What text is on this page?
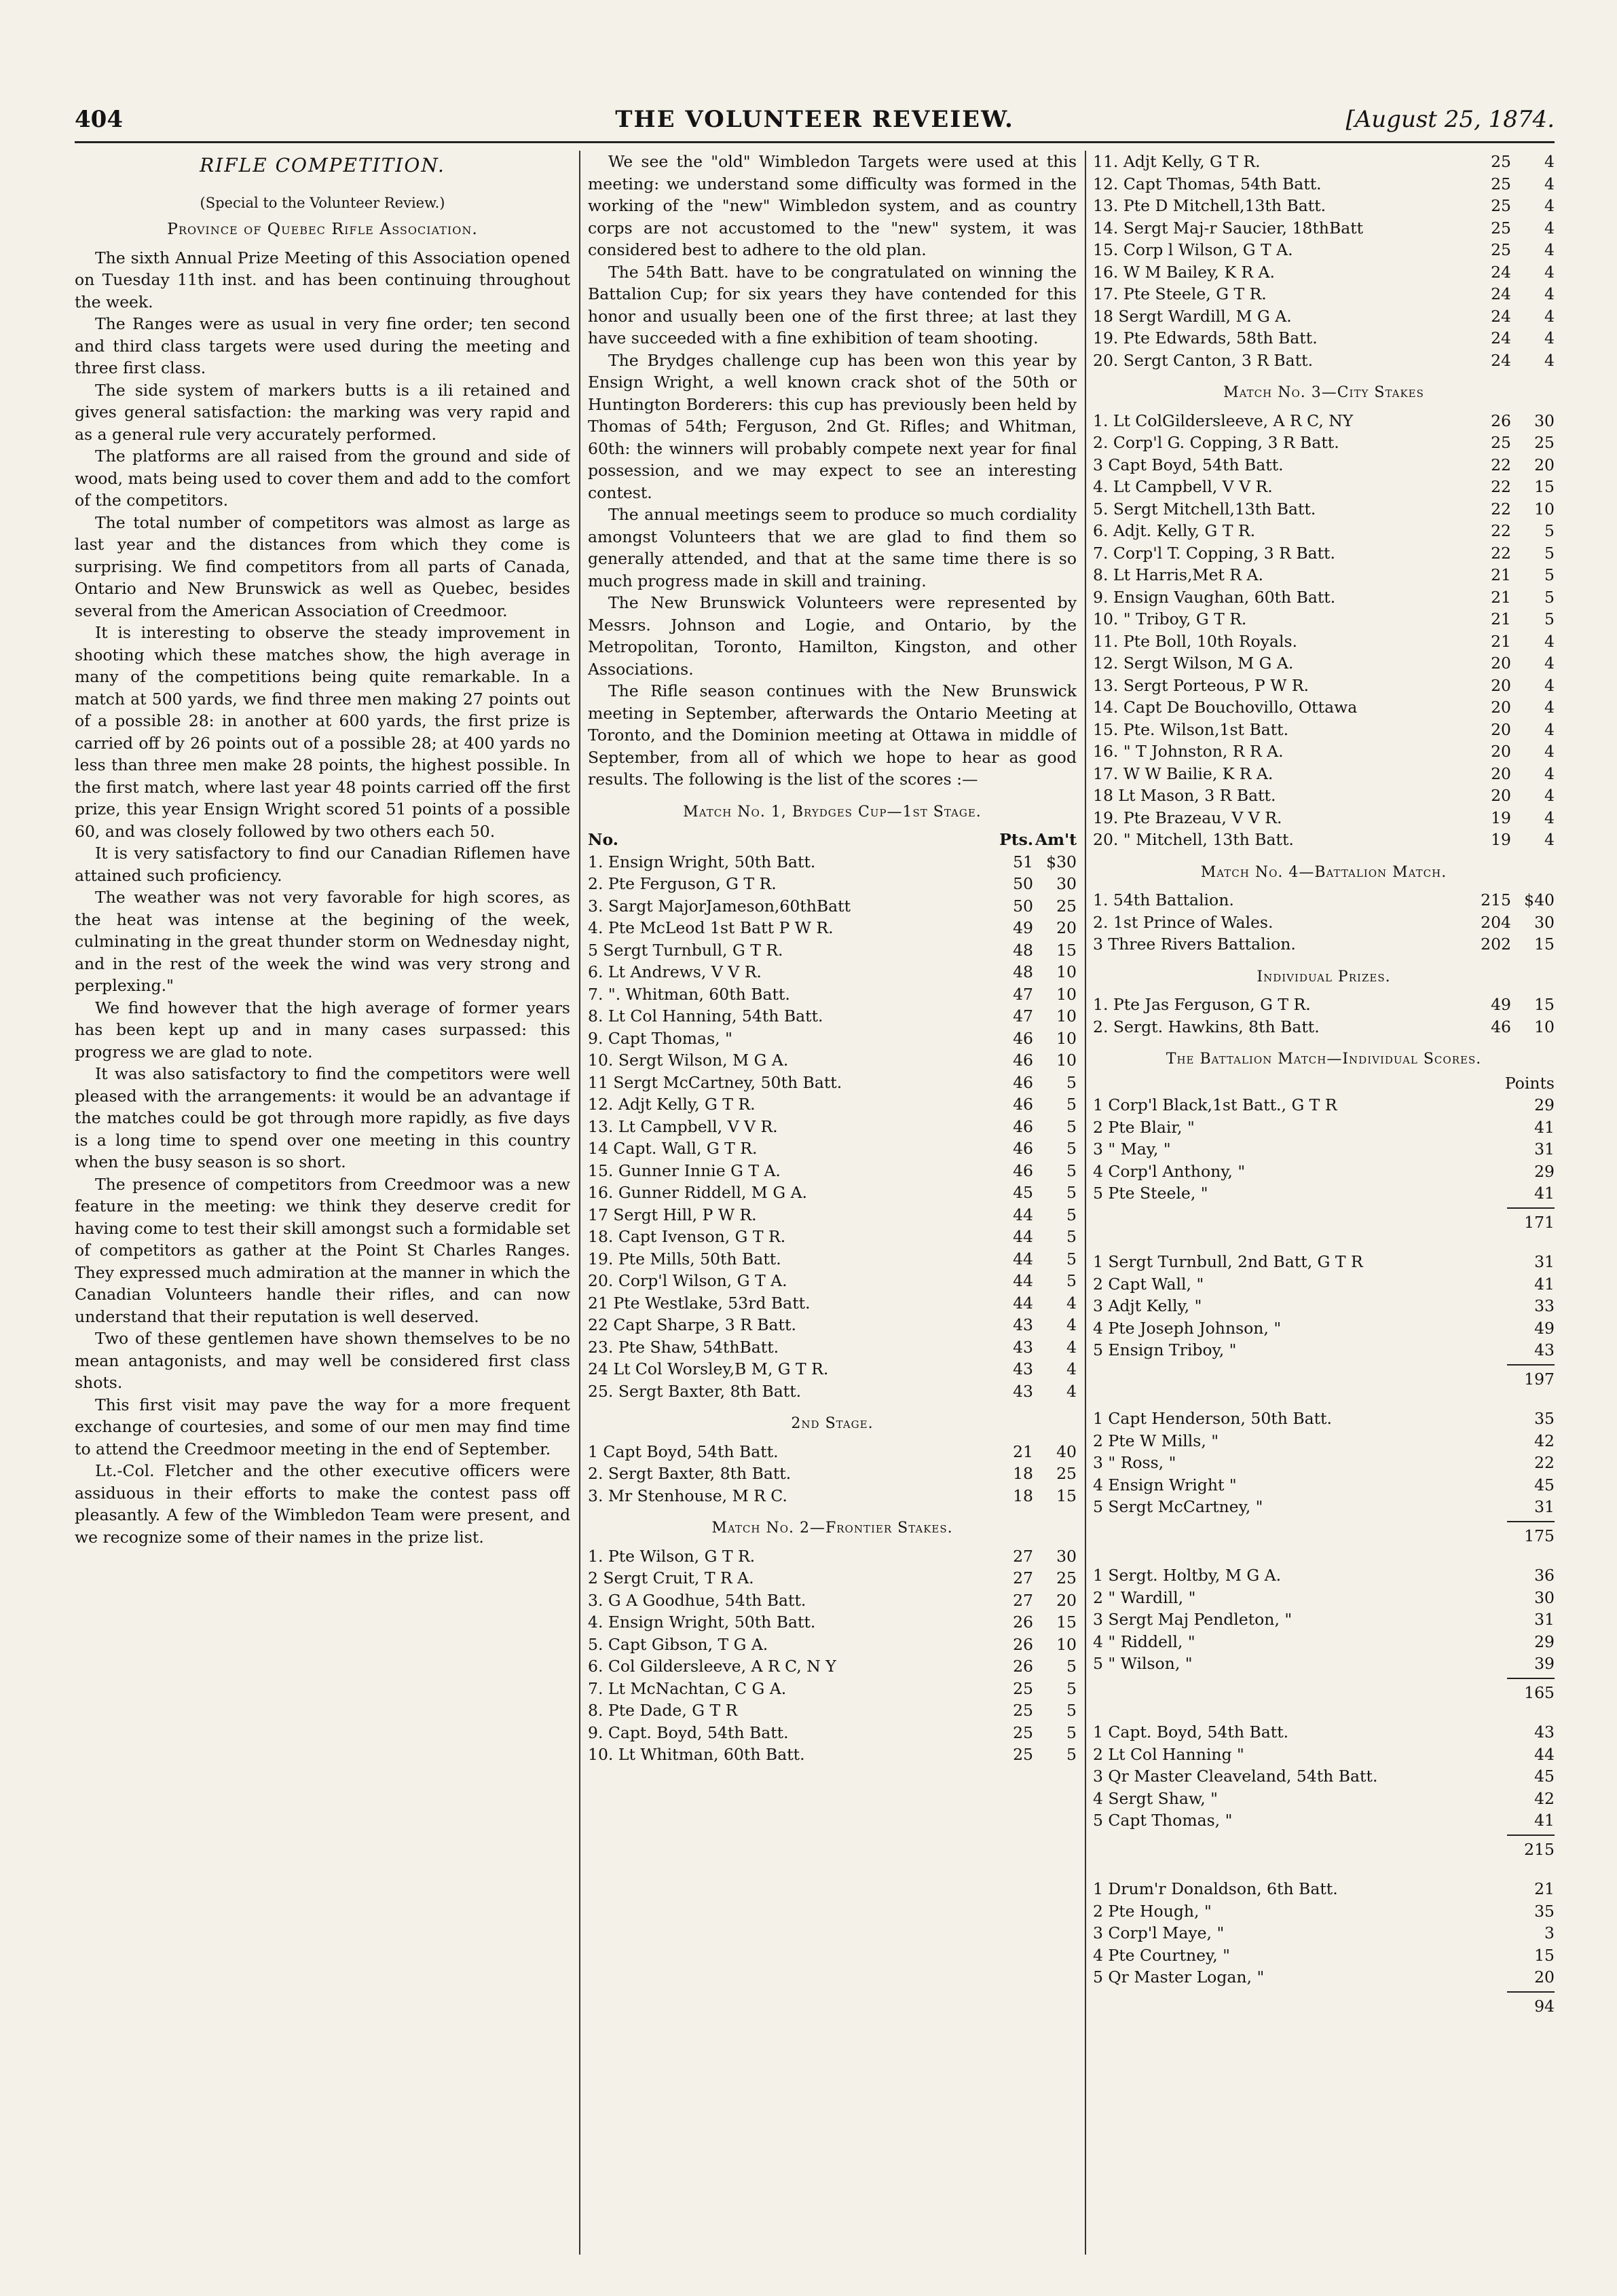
404	THE VOLUNTEER REVEIEW.	[August 25, 1874.
RIFLE COMPETITION.
(Special to the Volunteer Review.)
Province of Quebec Rifle Association.

The sixth Annual Prize Meeting of this Association opened on Tuesday 11th inst. and has been continuing throughout the week.

The Ranges were as usual in very fine order; ten second and third class targets were used during the meeting and three first class.

The side system of markers butts is a ili retained and gives general satisfaction: the marking was very rapid and as a general rule very accurately performed.

The platforms are all raised from the ground and side of wood, mats being used to cover them and add to the comfort of the competitors.

The total number of competitors was almost as large as last year and the distances from which they come is surprising. We find competitors from all parts of Canada, Ontario and New Brunswick as well as Quebec, besides several from the American Association of Creedmoor.

It is interesting to observe the steady improvement in shooting which these matches show, the high average in many of the competitions being quite remarkable. In a match at 500 yards, we find three men making 27 points out of a possible 28: in another at 600 yards, the first prize is carried off by 26 points out of a possible 28; at 400 yards no less than three men make 28 points, the highest possible. In the first match, where last year 48 points carried off the first prize, this year Ensign Wright scored 51 points of a possible 60, and was closely followed by two others each 50.

It is very satisfactory to find our Canadian Riflemen have attained such proficiency.

The weather was not very favorable for high scores, as the heat was intense at the begining of the week, culminating in the great thunder storm on Wednesday night, and in the rest of the week the wind was very strong and perplexing."

We find however that the high average of former years has been kept up and in many cases surpassed: this progress we are glad to note.

It was also satisfactory to find the competitors were well pleased with the arrangements: it would be an advantage if the matches could be got through more rapidly, as five days is a long time to spend over one meeting in this country when the busy season is so short.

The presence of competitors from Creedmoor was a new feature in the meeting: we think they deserve credit for having come to test their skill amongst such a formidable set of competitors as gather at the Point St Charles Ranges. They expressed much admiration at the manner in which the Canadian Volunteers handle their rifles, and can now understand that their reputation is well deserved.

Two of these gentlemen have shown themselves to be no mean antagonists, and may well be considered first class shots.

This first visit may pave the way for a more frequent exchange of courtesies, and some of our men may find time to attend the Creedmoor meeting in the end of September.

Lt.-Col. Fletcher and the other executive officers were assiduous in their efforts to make the contest pass off pleasantly. A few of the Wimbledon Team were present, and we recognize some of their names in the prize list.

We see the "old" Wimbledon Targets were used at this meeting: we understand some difficulty was formed in the working of the "new" Wimbledon system, and as country corps are not accustomed to the "new" system, it was considered best to adhere to the old plan.

The 54th Batt. have to be congratulated on winning the Battalion Cup; for six years they have contended for this honor and usually been one of the first three; at last they have succeeded with a fine exhibition of team shooting.

The Brydges challenge cup has been won this year by Ensign Wright, a well known crack shot of the 50th or Huntington Borderers: this cup has previously been held by Thomas of 54th; Ferguson, 2nd Gt. Rifles; and Whitman, 60th: the winners will probably compete next year for final possession, and we may expect to see an interesting contest.

The annual meetings seem to produce so much cordiality amongst Volunteers that we are glad to find them so generally attended, and that at the same time there is so much progress made in skill and training.

The New Brunswick Volunteers were represented by Messrs. Johnson and Logie, and Ontario, by the Metropolitan, Toronto, Hamilton, Kingston, and other Associations.

The Rifle season continues with the New Brunswick meeting in September, afterwards the Ontario Meeting at Toronto, and the Dominion meeting at Ottawa in middle of September, from all of which we hope to hear as good results. The following is the list of the scores :—

Match No. 1, Brydges Cup—1st Stage.
No.	Pts. Am't
1. Ensign Wright, 50th Batt.	51 $30
2. Pte Ferguson, G T R.	50	30
3. Sargt MajorJameson,60thBatt	50	25
4. Pte McLeod 1st Batt P W R.	49	20
5 Sergt Turnbull, G T R.	48	15
6. Lt Andrews, V V R.	48	10
7. ". Whitman, 60th Batt.	47	10
8. Lt Col Hanning, 54th Batt.	47	10
9. Capt Thomas, "	46	10
10. Sergt Wilson, M G A.	46	10
11 Sergt McCartney, 50th Batt.	46	5
12. Adjt Kelly, G T R.	46	5
13. Lt Campbell, V V R.	46	5
14 Capt. Wall, G T R.	46	5
15. Gunner Innie G T A.	46	5
16. Gunner Riddell, M G A.	45	5
17 Sergt Hill, P W R.	44	5
18. Capt Ivenson, G T R.	44	5
19. Pte Mills, 50th Batt.	44	5
20. Corp'l Wilson, G T A.	44	5
21 Pte Westlake, 53rd Batt.	44	4
22 Capt Sharpe, 3 R Batt.	43	4
23. Pte Shaw, 54thBatt.	43	4
24 Lt Col Worsley,B M, G T R.	43	4
25. Sergt Baxter, 8th Batt.	43	4
2nd Stage.
1 Capt Boyd, 54th Batt.	21	40
2. Sergt Baxter, 8th Batt.	18	25
3. Mr Stenhouse, M R C.	18	15
Match No. 2—Frontier Stakes.
1. Pte Wilson, G T R.	27	30
2 Sergt Cruit, T R A.	27	25
3. G A Goodhue, 54th Batt.	27	20
4. Ensign Wright, 50th Batt.	26	15
5. Capt Gibson, T G A.	26	10
6. Col Gildersleeve, A R C, N Y	26	5
7. Lt McNachtan, C G A.	25	5
8. Pte Dade, G T R	25	5
9. Capt. Boyd, 54th Batt.	25	5
10. Lt Whitman, 60th Batt.	25	5
11. Adjt Kelly, G T R.	25	4
12. Capt Thomas, 54th Batt.	25	4
13. Pte D Mitchell,13th Batt.	25	4
14. Sergt Maj-r Saucier, 18thBatt	25	4
15. Corp l Wilson, G T A.	25	4
16. W M Bailey, K R A.	24	4
17. Pte Steele, G T R.	24	4
18 Sergt Wardill, M G A.	24	4
19. Pte Edwards, 58th Batt.	24	4
20. Sergt Canton, 3 R Batt.	24	4
Match No. 3—City Stakes
1. Lt ColGildersleeve, A R C, NY	26	30
2. Corp'l G. Copping, 3 R Batt.	25	25
3 Capt Boyd, 54th Batt.	22	20
4. Lt Campbell, V V R.	22	15
5. Sergt Mitchell,13th Batt.	22	10
6. Adjt. Kelly, G T R.	22	5
7. Corp'l T. Copping, 3 R Batt.	22	5
8. Lt Harris,Met R A.	21	5
9. Ensign Vaughan, 60th Batt.	21	5
10. " Triboy, G T R.	21	5
11. Pte Boll, 10th Royals.	21	4
12. Sergt Wilson, M G A.	20	4
13. Sergt Porteous, P W R.	20	4
14. Capt De Bouchovillo, Ottawa	20	4
15. Pte. Wilson,1st Batt.	20	4
16. " T Johnston, R R A.	20	4
17. W W Bailie, K R A.	20	4
18 Lt Mason, 3 R Batt.	20	4
19. Pte Brazeau, V V R.	19	4
20. " Mitchell, 13th Batt.	19	4
Match No. 4—Battalion Match.
1. 54th Battalion.	215 $40
2. 1st Prince of Wales.	204	30
3 Three Rivers Battalion.	202	15
Individual Prizes.
1. Pte Jas Ferguson, G T R.	49	15
2. Sergt. Hawkins, 8th Batt.	46	10
The Battalion Match—Individual Scores.
Points
1 Corp'l Black,1st Batt., G T R	29
2 Pte Blair, "	41
3 " May, "	31
4 Corp'l Anthony, "	29
5 Pte Steele, "	41
171
1 Sergt Turnbull, 2nd Batt, G T R	31
2 Capt Wall, "	41
3 Adjt Kelly, "	33
4 Pte Joseph Johnson, "	49
5 Ensign Triboy, "	43
197
1 Capt Henderson, 50th Batt.	35
2 Pte W Mills, "	42
3 " Ross, "	22
4 Ensign Wright "	45
5 Sergt McCartney, "	31
175
1 Sergt. Holtby, M G A.	36
2 " Wardill, "	30
3 Sergt Maj Pendleton, "	31
4 " Riddell, "	29
5 " Wilson, "	39
165
1 Capt. Boyd, 54th Batt.	43
2 Lt Col Hanning "	44
3 Qr Master Cleaveland, 54th Batt.	45
4 Sergt Shaw, "	42
5 Capt Thomas, "	41
215
1 Drum'r Donaldson, 6th Batt.	21
2 Pte Hough, "	35
3 Corp'l Maye, "	3
4 Pte Courtney, "	15
5 Qr Master Logan, "	20
94
